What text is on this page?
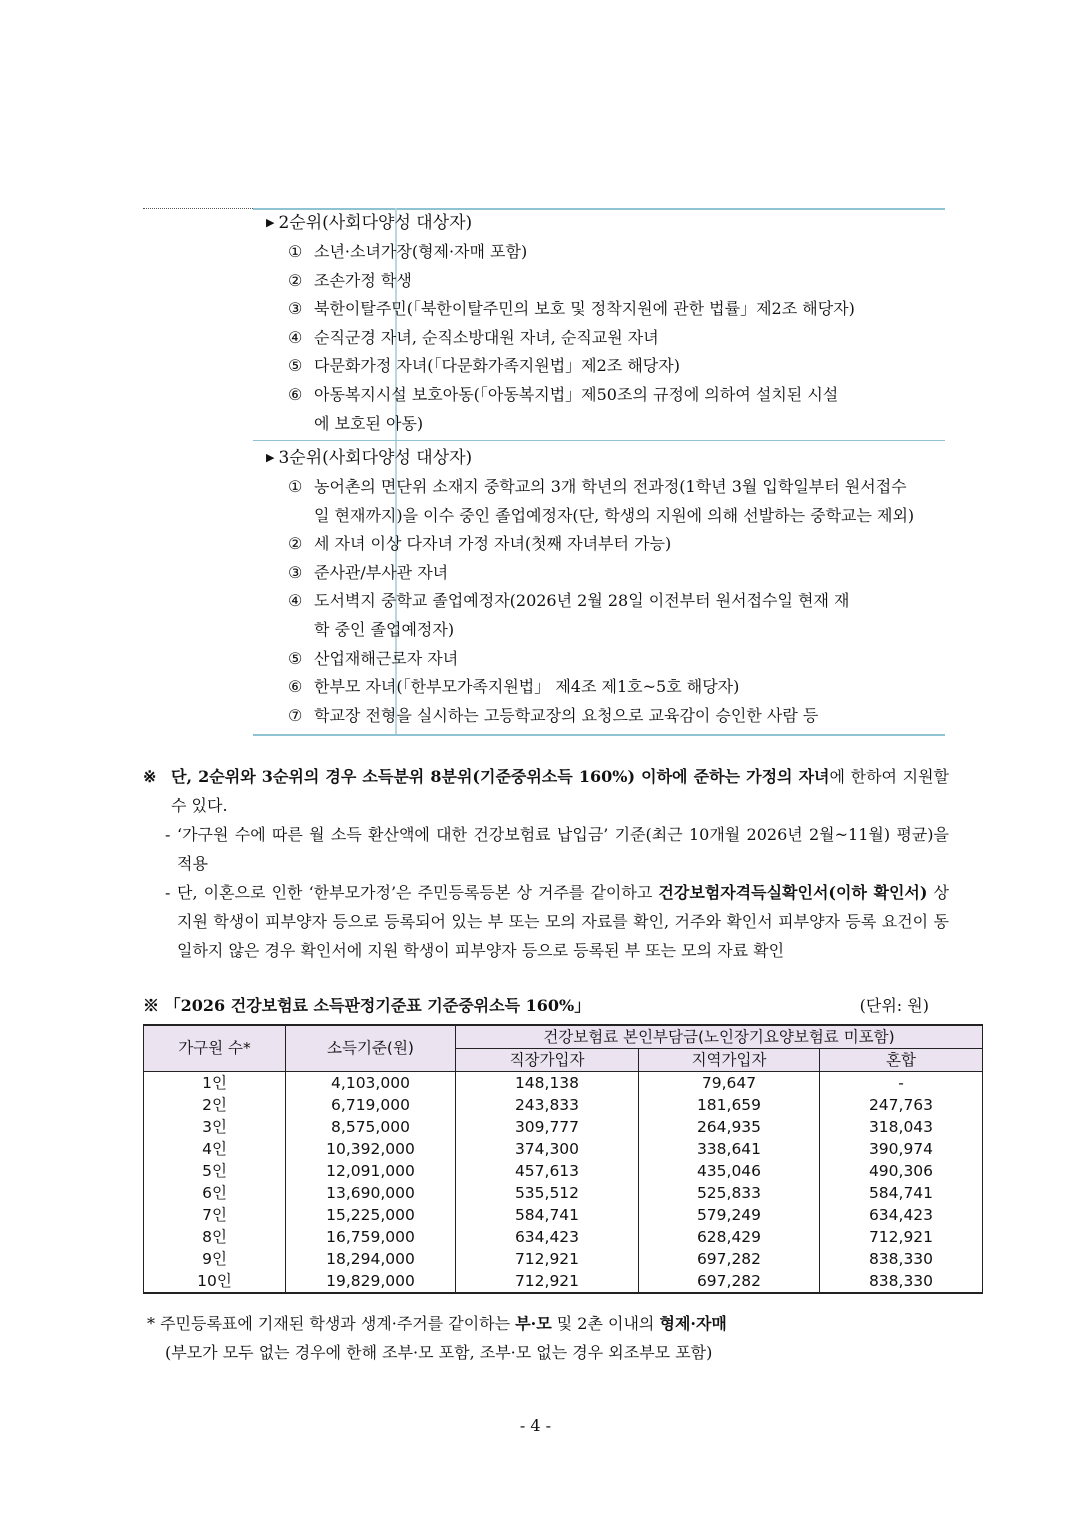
▶ 2순위(사회다양성 대상자)
① 소년·소녀가장(형제·자매 포함)
② 조손가정 학생
③ 북한이탈주민(「북한이탈주민의 보호 및 정착지원에 관한 법률」제2조 해당자)
④ 순직군경 자녀, 순직소방대원 자녀, 순직교원 자녀
⑤ 다문화가정 자녀(「다문화가족지원법」제2조 해당자)
⑥ 아동복지시설 보호아동(「아동복지법」제50조의 규정에 의하여 설치된 시설
에 보호된 아동)
▶ 3순위(사회다양성 대상자)
① 농어촌의 면단위 소재지 중학교의 3개 학년의 전과정(1학년 3월 입학일부터 원서접수
일 현재까지)을 이수 중인 졸업예정자(단, 학생의 지원에 의해 선발하는 중학교는 제외)
② 세 자녀 이상 다자녀 가정 자녀(첫째 자녀부터 가능)
③ 준사관/부사관 자녀
④ 도서벽지 중학교 졸업예정자(2026년 2월 28일 이전부터 원서접수일 현재 재
학 중인 졸업예정자)
⑤ 산업재해근로자 자녀
⑥ 한부모 자녀(「한부모가족지원법」 제4조 제1호~5호 해당자)
⑦ 학교장 전형을 실시하는 고등학교장의 요청으로 교육감이 승인한 사람 등
※ 단, 2순위와 3순위의 경우 소득분위 8분위(기준중위소득 160%) 이하에 준하는 가정의 자녀에 한하여 지원할 수 있다.
- ‘가구원 수에 따른 월 소득 환산액에 대한 건강보험료 납입금’ 기준(최근 10개월 2026년 2월~11월) 평균)을 적용
- 단, 이혼으로 인한 ‘한부모가정’은 주민등록등본 상 거주를 같이하고 건강보험자격득실확인서(이하 확인서) 상 지원 학생이 피부양자 등으로 등록되어 있는 부 또는 모의 자료를 확인, 거주와 확인서 피부양자 등록 요건이 동일하지 않은 경우 확인서에 지원 학생이 피부양자 등으로 등록된 부 또는 모의 자료 확인
※ 「2026 건강보험료 소득판정기준표 기준중위소득 160%」	(단위: 원)
가구원 수*	소득기준(원)	건강보험료 본인부담금(노인장기요양보험료 미포함)		
		직장가입자	지역가입자	혼합
1인	4,103,000	148,138	79,647	-
2인	6,719,000	243,833	181,659	247,763
3인	8,575,000	309,777	264,935	318,043
4인	10,392,000	374,300	338,641	390,974
5인	12,091,000	457,613	435,046	490,306
6인	13,690,000	535,512	525,833	584,741
7인	15,225,000	584,741	579,249	634,423
8인	16,759,000	634,423	628,429	712,921
9인	18,294,000	712,921	697,282	838,330
10인	19,829,000	712,921	697,282	838,330
* 주민등록표에 기재된 학생과 생계·주거를 같이하는 부·모 및 2촌 이내의 형제·자매
(부모가 모두 없는 경우에 한해 조부·모 포함, 조부·모 없는 경우 외조부모 포함)
- 4 -
